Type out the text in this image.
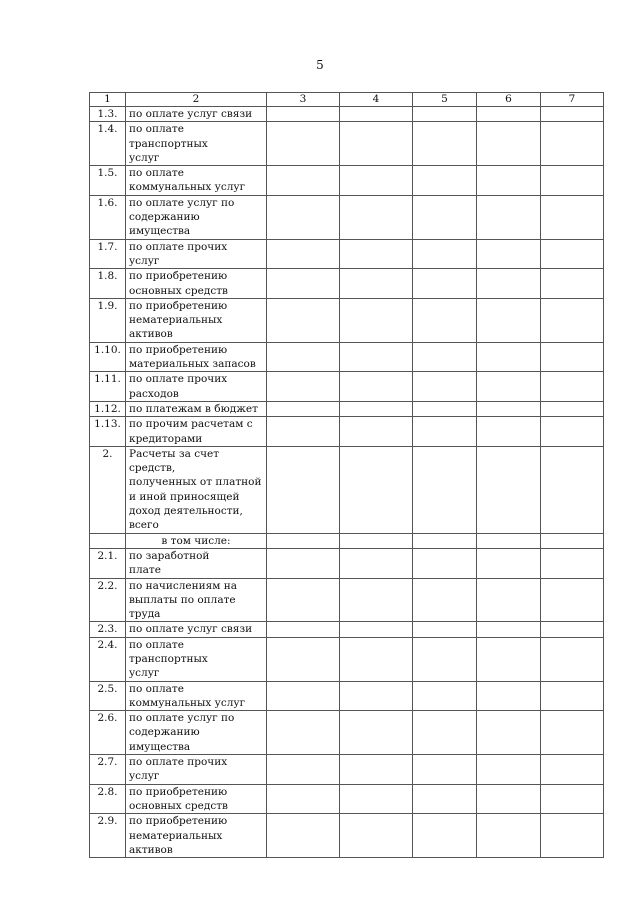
5
1	2	3	4	5	6	7
1.3.	по оплате услуг связи					
1.4.	по оплате транспортных
услуг					
1.5.	по оплате
коммунальных услуг					
1.6.	по оплате услуг по
содержанию имущества					
1.7.	по оплате прочих
услуг					
1.8.	по приобретению
основных средств					
1.9.	по приобретению
нематериальных
активов					
1.10.	по приобретению
материальных запасов					
1.11.	по оплате прочих
расходов					
1.12.	по платежам в бюджет					
1.13.	по прочим расчетам с
кредиторами					
2.	Расчеты за счет средств,
полученных от платной
и иной приносящей
доход деятельности,
всего					
	в том числе:					
2.1.	по заработной
плате					
2.2.	по начислениям на
выплаты по оплате
труда					
2.3.	по оплате услуг связи					
2.4.	по оплате транспортных
услуг					
2.5.	по оплате
коммунальных услуг					
2.6.	по оплате услуг по
содержанию имущества					
2.7.	по оплате прочих
услуг					
2.8.	по приобретению
основных средств					
2.9.	по приобретению
нематериальных
активов					
